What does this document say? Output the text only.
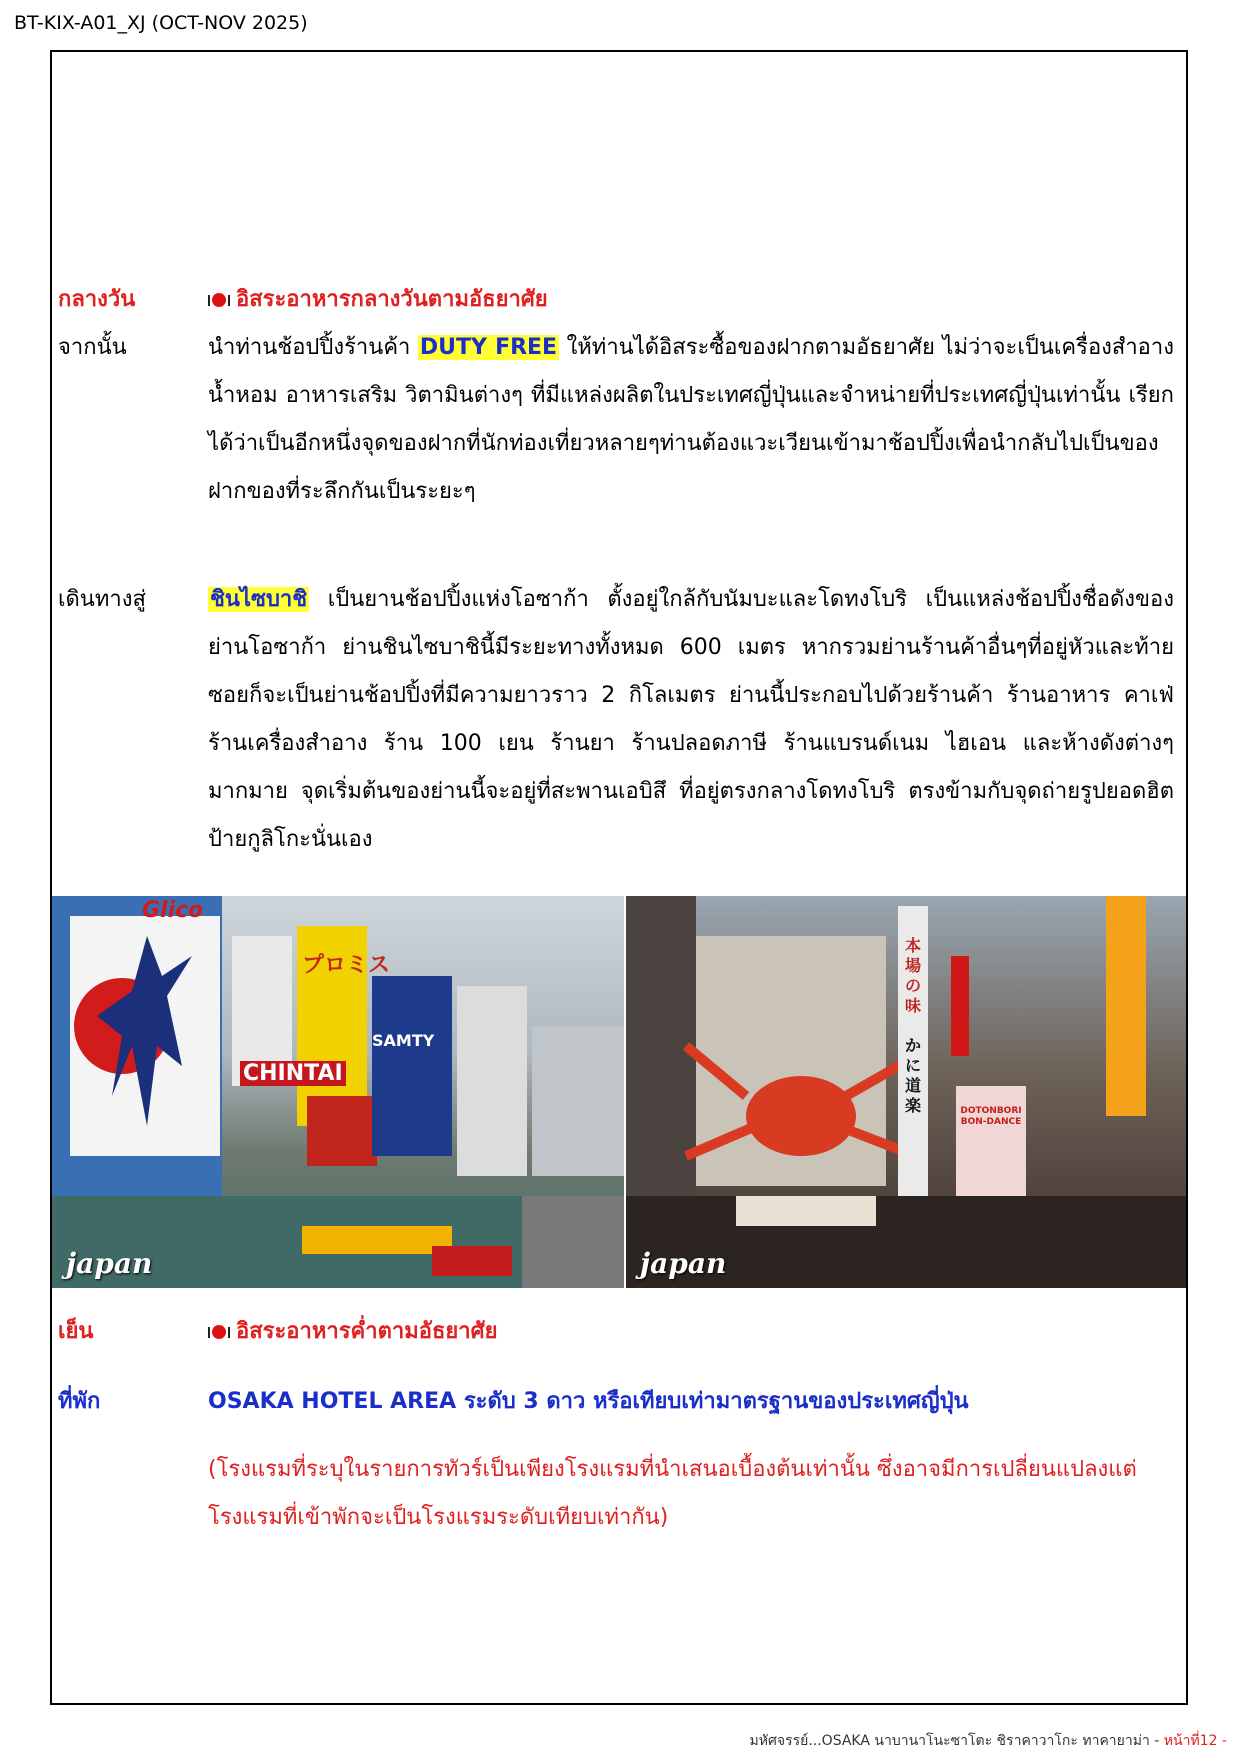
BT-KIX-A01_XJ (OCT-NOV 2025)
กลางวัน	อิสระอาหารกลางวันตามอัธยาศัย
จากนั้น	นำท่านช้อปปิ้งร้านค้า DUTY FREE ให้ท่านได้อิสระซื้อของฝากตามอัธยาศัย ไม่ว่าจะเป็นเครื่องสำอาง น้ำหอม อาหารเสริม วิตามินต่างๆ ที่มีแหล่งผลิตในประเทศญี่ปุ่นและจำหน่ายที่ประเทศญี่ปุ่นเท่านั้น เรียกได้ว่าเป็นอีกหนึ่งจุดของฝากที่นักท่องเที่ยวหลายๆท่านต้องแวะเวียนเข้ามาช้อปปิ้งเพื่อนำกลับไปเป็นของฝากของที่ระลึกกันเป็นระยะๆ
เดินทางสู่	ชินไซบาชิ เป็นยานช้อปปิ้งแห่งโอซาก้า ตั้งอยู่ใกล้กับนัมบะและโดทงโบริ เป็นแหล่งช้อปปิ้งชื่อดังของย่านโอซาก้า ย่านชินไซบาชินี้มีระยะทางทั้งหมด 600 เมตร หากรวมย่านร้านค้าอื่นๆที่อยู่หัวและท้ายซอยก็จะเป็นย่านช้อปปิ้งที่มีความยาวราว 2 กิโลเมตร ย่านนี้ประกอบไปด้วยร้านค้า ร้านอาหาร คาเฟ่ ร้านเครื่องสำอาง ร้าน 100 เยน ร้านยา ร้านปลอดภาษี ร้านแบรนด์เนม ไฮเอน และห้างดังต่างๆมากมาย จุดเริ่มต้นของย่านนี้จะอยู่ที่สะพานเอบิสึ ที่อยู่ตรงกลางโดทงโบริ ตรงข้ามกับจุดถ่ายรูปยอดฮิตป้ายกูลิโกะนั่นเอง
Glico
プロミス
CHINTAI
SAMTY
japan
本場の味
かに道楽	DOTONBORI BON-DANCE
japan
เย็น	อิสระอาหารค่ำตามอัธยาศัย
ที่พัก	OSAKA HOTEL AREA ระดับ 3 ดาว หรือเทียบเท่ามาตรฐานของประเทศญี่ปุ่น
(โรงแรมที่ระบุในรายการทัวร์เป็นเพียงโรงแรมที่นำเสนอเบื้องต้นเท่านั้น ซึ่งอาจมีการเปลี่ยนแปลงแต่โรงแรมที่เข้าพักจะเป็นโรงแรมระดับเทียบเท่ากัน)
มหัศจรรย์...OSAKA นาบานาโนะซาโตะ ชิราคาวาโกะ ทาคายาม่า - หน้าที่12 -
